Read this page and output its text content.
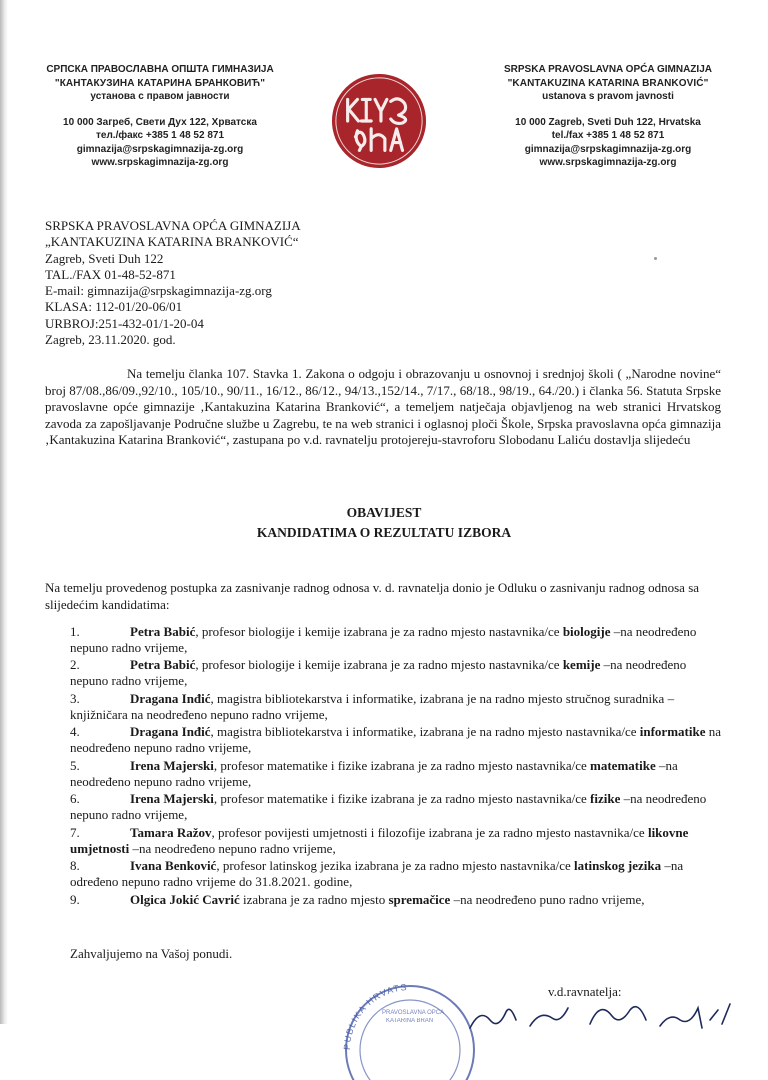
СРПСКА ПРАВОСЛАВНА ОПШТА ГИМНАЗИЈА
"КАНТАКУЗИНА КАТАРИНА БРАНКОВИЋ"
установа с правом јавности
10 000 Загреб, Свети Дух 122, Хрватска
тел./факс +385 1 48 52 871
gimnazija@srpskagimnazija-zg.org
www.srpskagimnazija-zg.org
SRPSKA PRAVOSLAVNA OPĆA GIMNAZIJA
"KANTAKUZINA KATARINA BRANKOVIĆ"
ustanova s pravom javnosti
10 000 Zagreb, Sveti Duh 122, Hrvatska
tel./fax +385 1 48 52 871
gimnazija@srpskagimnazija-zg.org
www.srpskagimnazija-zg.org
SRPSKA PRAVOSLAVNA OPĆA GIMNAZIJA
„KANTAKUZINA KATARINA BRANKOVIĆ“
Zagreb, Sveti Duh 122
TAL./FAX 01-48-52-871
E-mail: gimnazija@srpskagimnazija-zg.org
KLASA: 112-01/20-06/01
URBROJ:251-432-01/1-20-04
Zagreb, 23.11.2020. god.
Na temelju članka 107. Stavka 1. Zakona o odgoju i obrazovanju u osnovnoj i srednjoj školi ( „Narodne novine“ broj 87/08.,86/09.,92/10., 105/10., 90/11., 16/12., 86/12., 94/13.,152/14., 7/17., 68/18., 98/19., 64./20.) i članka 56. Statuta Srpske pravoslavne opće gimnazije ‚Kantakuzina Katarina Branković“, a temeljem natječaja objavljenog na web stranici Hrvatskog zavoda za zapošljavanje Područne službe u Zagrebu, te na web stranici i oglasnoj ploči Škole, Srpska pravoslavna opća gimnazija ‚Kantakuzina Katarina Branković“, zastupana po v.d. ravnatelju protojereju-stavroforu Slobodanu Laliću dostavlja slijedeću
OBAVIJEST
KANDIDATIMA O REZULTATU IZBORA
Na temelju provedenog postupka za zasnivanje radnog odnosa v. d. ravnatelja donio je Odluku o zasnivanju radnog odnosa sa slijedećim kandidatima:
1.	Petra Babić, profesor biologije i kemije izabrana je za radno mjesto nastavnika/ce biologije –na neodređeno nepuno radno vrijeme,
2.	Petra Babić, profesor biologije i kemije izabrana je za radno mjesto nastavnika/ce kemije –na neodređeno nepuno radno vrijeme,
3.	Dragana Inđić, magistra bibliotekarstva i informatike, izabrana je na radno mjesto stručnog suradnika – knjižničara na neodređeno nepuno radno vrijeme,
4.	Dragana Inđić, magistra bibliotekarstva i informatike, izabrana je na radno mjesto nastavnika/ce informatike na neodređeno nepuno radno vrijeme,
5.	Irena Majerski, profesor matematike i fizike izabrana je za radno mjesto nastavnika/ce matematike –na neodređeno nepuno radno vrijeme,
6.	Irena Majerski, profesor matematike i fizike izabrana je za radno mjesto nastavnika/ce fizike –na neodređeno nepuno radno vrijeme,
7.	Tamara Ražov, profesor povijesti umjetnosti i filozofije izabrana je za radno mjesto nastavnika/ce likovne umjetnosti –na neodređeno nepuno radno vrijeme,
8.	Ivana Benković, profesor latinskog jezika izabrana je za radno mjesto nastavnika/ce latinskog jezika –na određeno nepuno radno vrijeme do 31.8.2021. godine,
9.	Olgica Jokić Cavrić izabrana je za radno mjesto spremačice –na neodređeno puno radno vrijeme,
Zahvaljujemo na Vašoj ponudi.
PUBLIKA HRVATS
PRAVOSLAVNA OPĆA
KATARINA BRAN
v.d.ravnatelja:
